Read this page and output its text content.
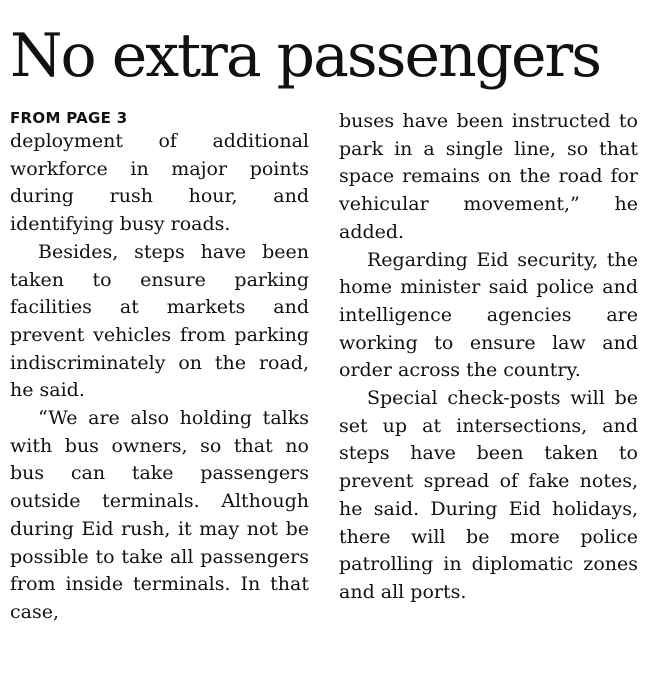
No extra passengers
FROM PAGE 3

deployment of additional workforce in major points during rush hour, and identifying busy roads.

Besides, steps have been taken to ensure parking facilities at markets and prevent vehicles from parking indiscriminately on the road, he said.

“We are also holding talks with bus owners, so that no bus can take passengers outside terminals. Although during Eid rush, it may not be possible to take all passengers from inside terminals. In that case,

buses have been instructed to park in a single line, so that space remains on the road for vehicular movement,” he added.

Regarding Eid security, the home minister said police and intelligence agencies are working to ensure law and order across the country.

Special check-posts will be set up at intersections, and steps have been taken to prevent spread of fake notes, he said. During Eid holidays, there will be more police patrolling in diplomatic zones and all ports.
